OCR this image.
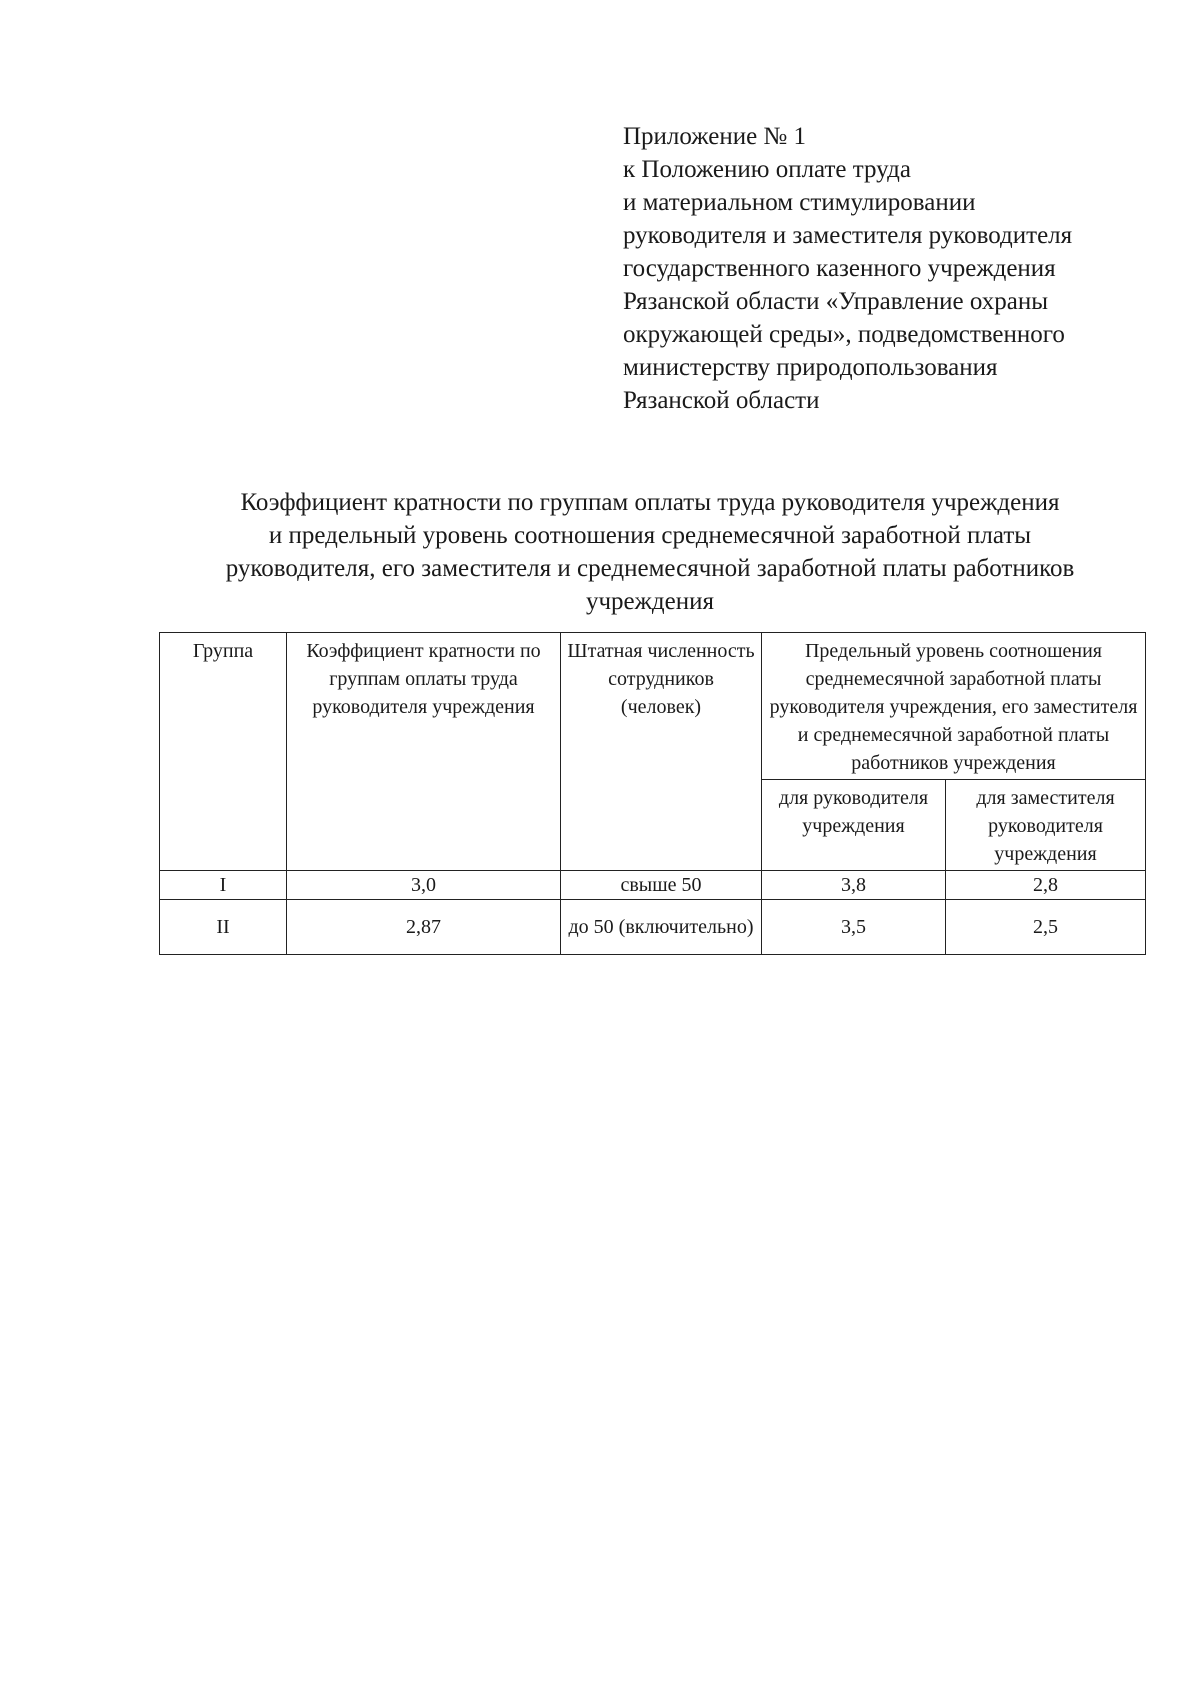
Приложение № 1
к Положению оплате труда
и материальном стимулировании
руководителя и заместителя руководителя
государственного казенного учреждения
Рязанской области «Управление охраны
окружающей среды», подведомственного
министерству природопользования
Рязанской области
Коэффициент кратности по группам оплаты труда руководителя учреждения
и предельный уровень соотношения среднемесячной заработной платы
руководителя, его заместителя и среднемесячной заработной платы работников
учреждения
Группа	Коэффициент кратности по группам оплаты труда руководителя учреждения	Штатная численность сотрудников (человек)	Предельный уровень соотношения среднемесячной заработной платы руководителя учреждения, его заместителя и среднемесячной заработной платы работников учреждения	

			для руководителя учреждения	для заместителя руководителя учреждения

I	3,0	свыше 50	3,8	2,8
II	2,87	до 50 (включительно)	3,5	2,5
